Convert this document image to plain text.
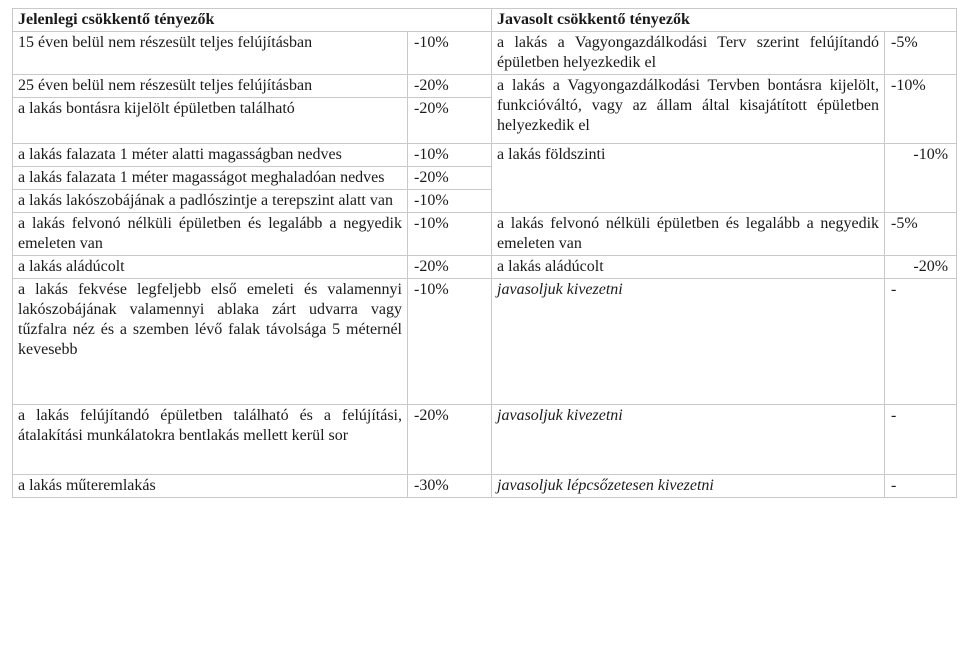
Jelenlegi csökkentő tényezők		Javasolt csökkentő tényezők	
15 éven belül nem részesült teljes felújításban	-10%	a lakás a Vagyongazdálkodási Terv szerint felújítandó épületben helyezkedik el	-5%
25 éven belül nem részesült teljes felújításban	-20%	a lakás a Vagyongazdálkodási Tervben bontásra kijelölt, funkcióváltó, vagy az állam által kisajátított épületben helyezkedik el	-10%
a lakás bontásra kijelölt épületben található	-20%		
a lakás falazata 1 méter alatti magasságban nedves	-10%	a lakás földszinti	-10%
a lakás falazata 1 méter magasságot meghaladóan nedves	-20%		
a lakás lakószobájának a padlószintje a terepszint alatt van	-10%		
a lakás felvonó nélküli épületben és legalább a negyedik emeleten van	-10%	a lakás felvonó nélküli épületben és legalább a negyedik emeleten van	-5%
a lakás aládúcolt	-20%	a lakás aládúcolt	-20%
a lakás fekvése legfeljebb első emeleti és valamennyi lakószobájának valamennyi ablaka zárt udvarra vagy tűzfalra néz és a szemben lévő falak távolsága 5 méternél kevesebb	-10%	javasoljuk kivezetni	-
a lakás felújítandó épületben található és a felújítási, átalakítási munkálatokra bentlakás mellett kerül sor	-20%	javasoljuk kivezetni	-
a lakás műteremlakás	-30%	javasoljuk lépcsőzetesen kivezetni	-
